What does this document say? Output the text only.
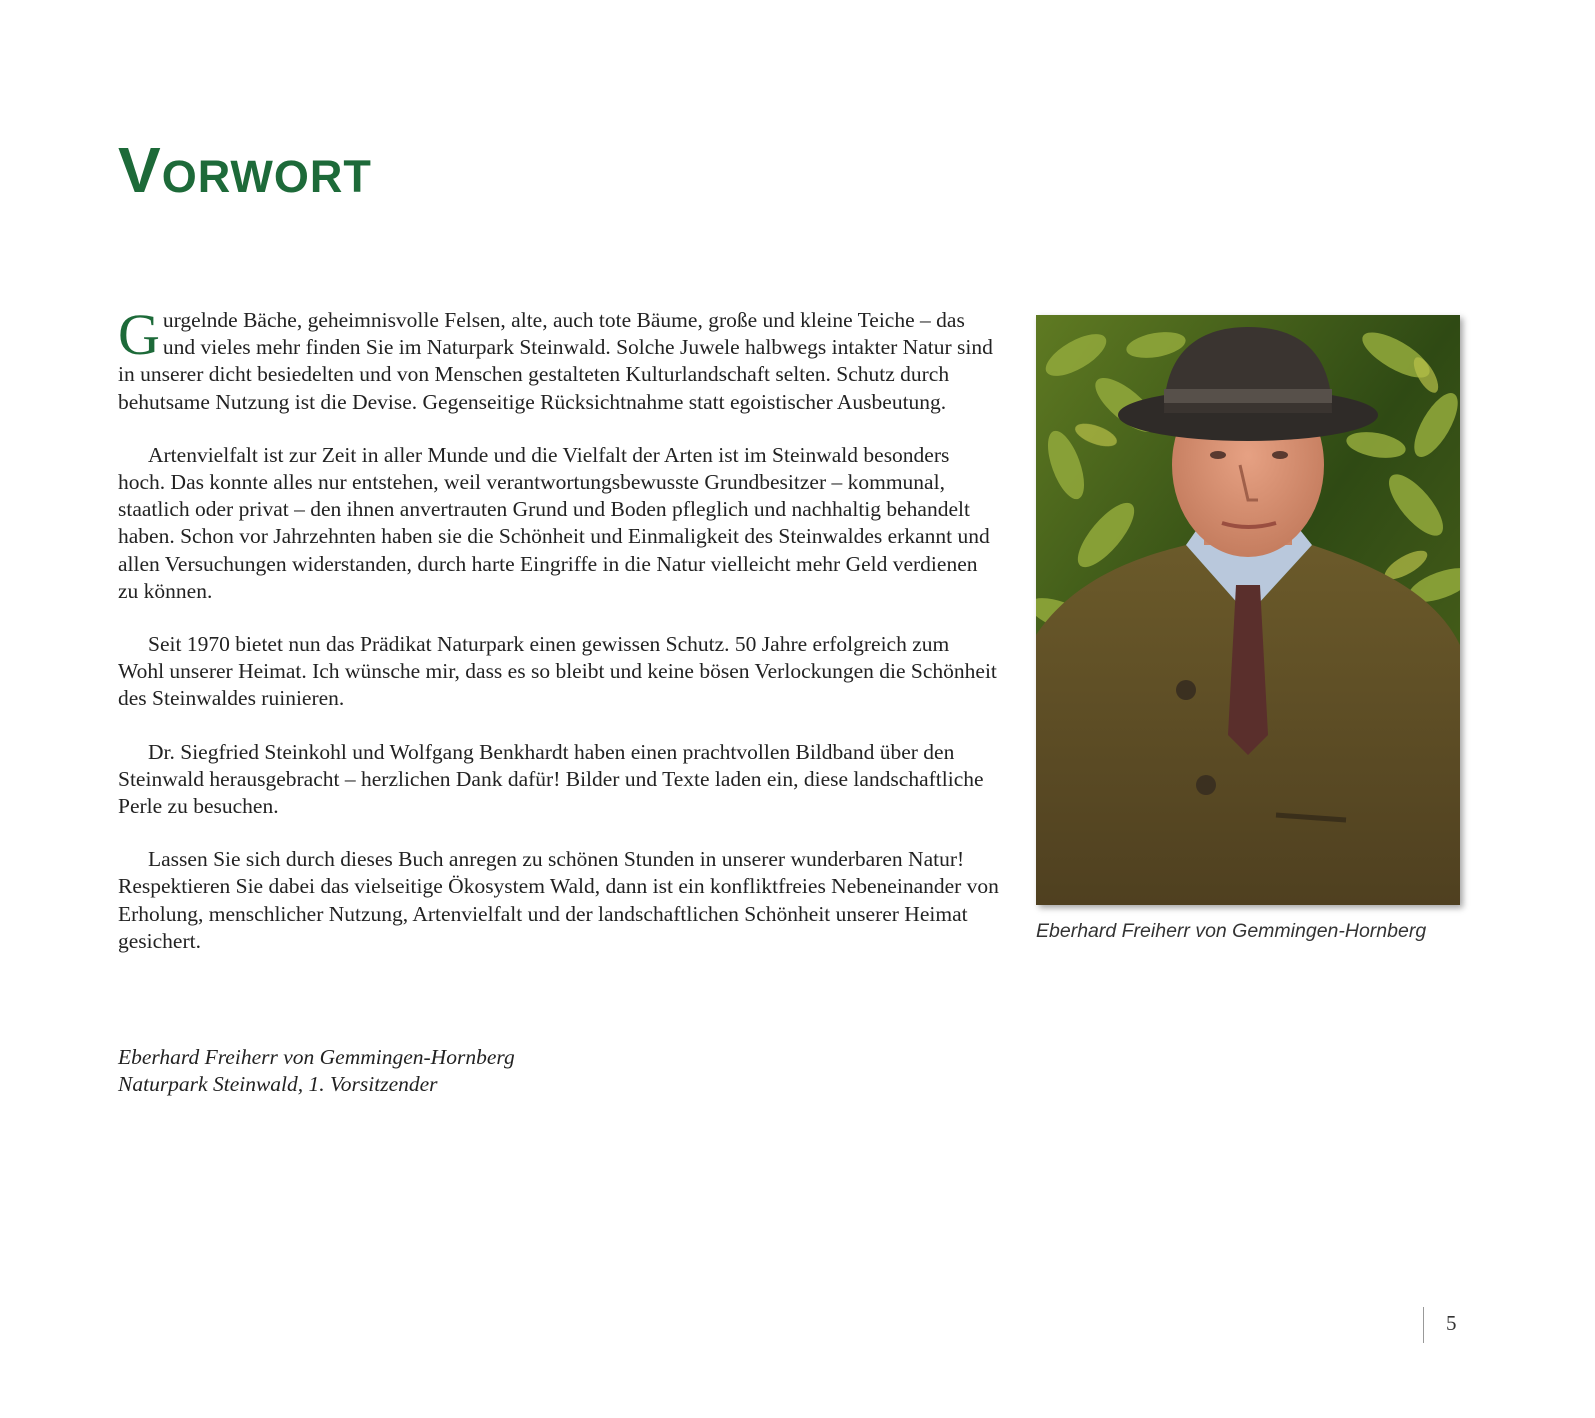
Vorwort

Gurgelnde Bäche, geheimnisvolle Felsen, alte, auch tote Bäume, große und kleine Teiche – das und vieles mehr finden Sie im Naturpark Steinwald. Solche Juwele halbwegs intakter Natur sind in unserer dicht besiedelten und von Menschen gestalteten Kulturlandschaft selten. Schutz durch behutsame Nutzung ist die Devise. Gegenseitige Rücksichtnahme statt egoistischer Ausbeutung.

Artenvielfalt ist zur Zeit in aller Munde und die Vielfalt der Arten ist im Steinwald besonders hoch. Das konnte alles nur entstehen, weil verantwortungsbewusste Grundbesitzer – kommunal, staatlich oder privat – den ihnen anvertrauten Grund und Boden pfleglich und nachhaltig behandelt haben. Schon vor Jahrzehnten haben sie die Schönheit und Einmaligkeit des Steinwaldes erkannt und allen Versuchungen widerstanden, durch harte Eingriffe in die Natur vielleicht mehr Geld verdienen zu können.

Seit 1970 bietet nun das Prädikat Naturpark einen gewissen Schutz. 50 Jahre erfolgreich zum Wohl unserer Heimat. Ich wünsche mir, dass es so bleibt und keine bösen Verlockungen die Schönheit des Steinwaldes ruinieren.

Dr. Siegfried Steinkohl und Wolfgang Benkhardt haben einen prachtvollen Bildband über den Steinwald herausgebracht – herzlichen Dank dafür! Bilder und Texte laden ein, diese landschaftliche Perle zu besuchen.

Lassen Sie sich durch dieses Buch anregen zu schönen Stunden in unserer wunderbaren Natur! Respektieren Sie dabei das vielseitige Ökosystem Wald, dann ist ein konfliktfreies Nebeneinander von Erholung, menschlicher Nutzung, Artenvielfalt und der landschaftlichen Schönheit unserer Heimat gesichert.

Eberhard Freiherr von Gemmingen-Hornberg
Naturpark Steinwald, 1. Vorsitzender
Eberhard Freiherr von Gemmingen-Hornberg
5
